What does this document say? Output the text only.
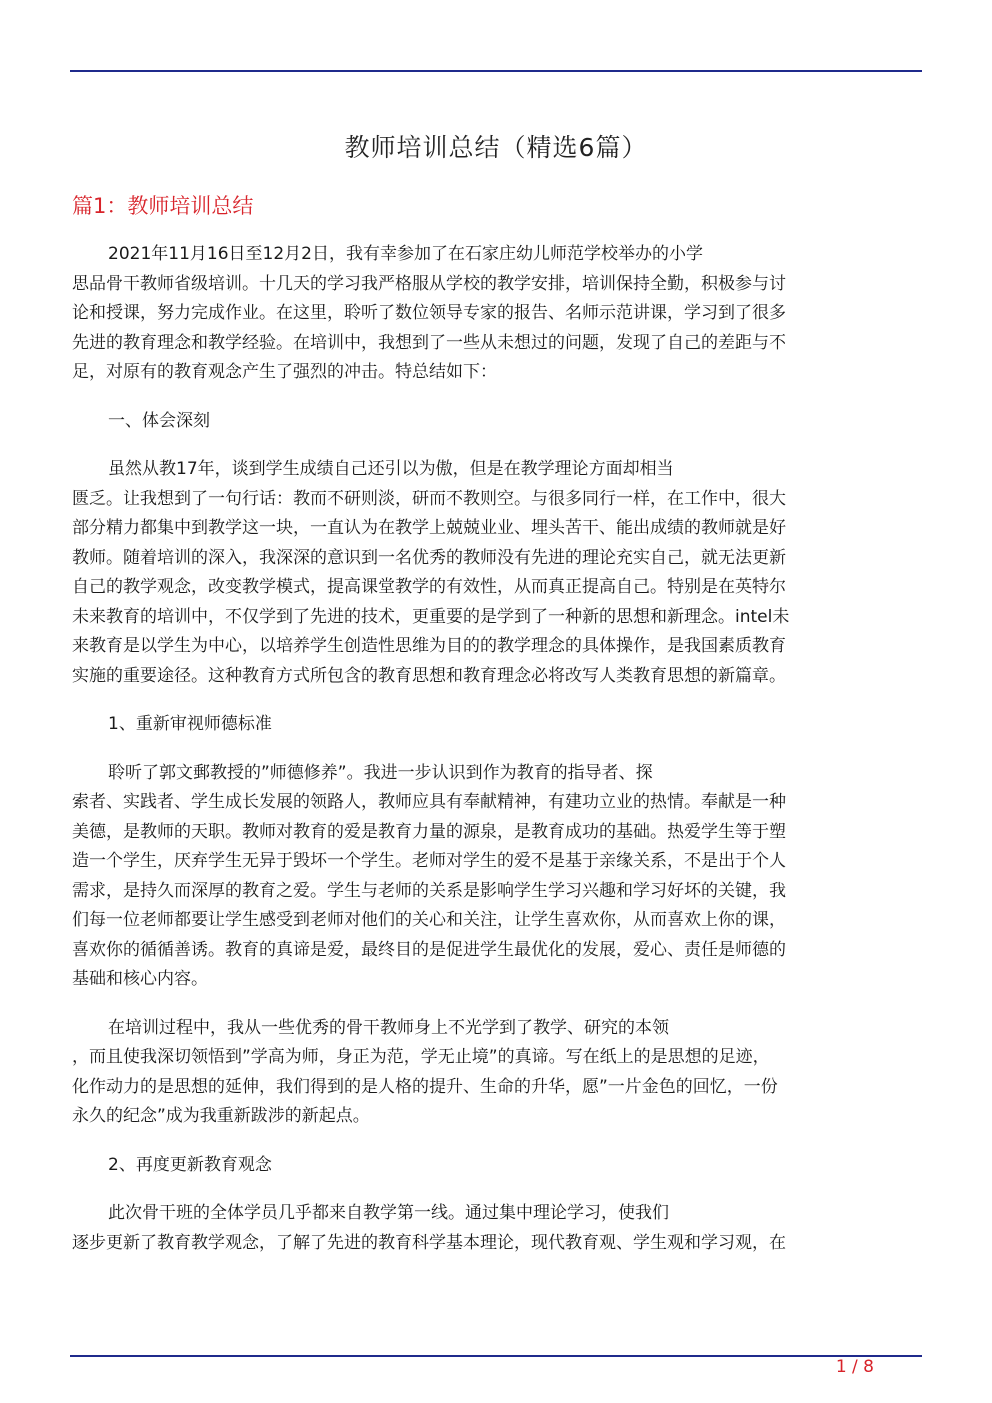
教师培训总结（精选6篇）
篇1：教师培训总结
2021年11月16日至12月2日，我有幸参加了在石家庄幼儿师范学校举办的小学
思品骨干教师省级培训。十几天的学习我严格服从学校的教学安排，培训保持全勤，积极参与讨
论和授课，努力完成作业。在这里，聆听了数位领导专家的报告、名师示范讲课，学习到了很多
先进的教育理念和教学经验。在培训中，我想到了一些从未想过的问题，发现了自己的差距与不
足，对原有的教育观念产生了强烈的冲击。特总结如下：
一、体会深刻
虽然从教17年，谈到学生成绩自己还引以为傲，但是在教学理论方面却相当
匮乏。让我想到了一句行话：教而不研则淡，研而不教则空。与很多同行一样，在工作中，很大
部分精力都集中到教学这一块，一直认为在教学上兢兢业业、埋头苦干、能出成绩的教师就是好
教师。随着培训的深入，我深深的意识到一名优秀的教师没有先进的理论充实自己，就无法更新
自己的教学观念，改变教学模式，提高课堂教学的有效性，从而真正提高自己。特别是在英特尔
未来教育的培训中，不仅学到了先进的技术，更重要的是学到了一种新的思想和新理念。intel未
来教育是以学生为中心，以培养学生创造性思维为目的的教学理念的具体操作，是我国素质教育
实施的重要途径。这种教育方式所包含的教育思想和教育理念必将改写人类教育思想的新篇章。
1、重新审视师德标准
聆听了郭文郵教授的”师德修养”。我进一步认识到作为教育的指导者、探
索者、实践者、学生成长发展的领路人，教师应具有奉献精神，有建功立业的热情。奉献是一种
美德，是教师的天职。教师对教育的爱是教育力量的源泉，是教育成功的基础。热爱学生等于塑
造一个学生，厌弃学生无异于毁坏一个学生。老师对学生的爱不是基于亲缘关系，不是出于个人
需求，是持久而深厚的教育之爱。学生与老师的关系是影响学生学习兴趣和学习好坏的关键，我
们每一位老师都要让学生感受到老师对他们的关心和关注，让学生喜欢你，从而喜欢上你的课，
喜欢你的循循善诱。教育的真谛是爱，最终目的是促进学生最优化的发展，爱心、责任是师德的
基础和核心内容。
在培训过程中，我从一些优秀的骨干教师身上不光学到了教学、研究的本领
，而且使我深切领悟到”学高为师，身正为范，学无止境”的真谛。写在纸上的是思想的足迹，
化作动力的是思想的延伸，我们得到的是人格的提升、生命的升华，愿”一片金色的回忆，一份
永久的纪念”成为我重新跋涉的新起点。
2、再度更新教育观念
此次骨干班的全体学员几乎都来自教学第一线。通过集中理论学习，使我们
逐步更新了教育教学观念，了解了先进的教育科学基本理论，现代教育观、学生观和学习观，在
1 / 8
